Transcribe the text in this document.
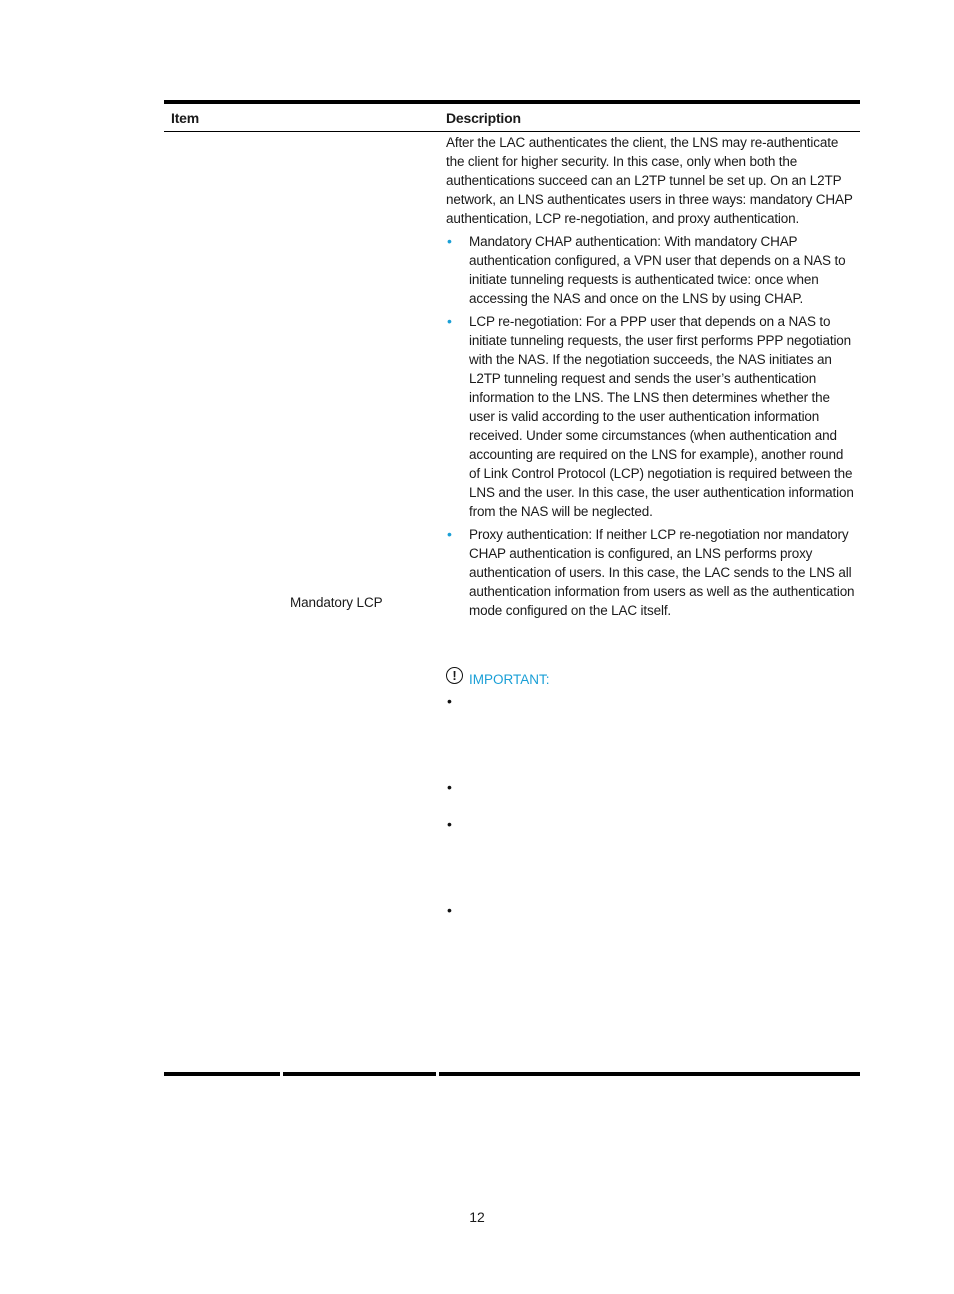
Item	Description
Mandatory LCP

After the LAC authenticates the client, the LNS may re-authenticate the client for higher security. In this case, only when both the authentications succeed can an L2TP tunnel be set up. On an L2TP network, an LNS authenticates users in three ways: mandatory CHAP authentication, LCP re-negotiation, and proxy authentication.

• Mandatory CHAP authentication: With mandatory CHAP authentication configured, a VPN user that depends on a NAS to initiate tunneling requests is authenticated twice: once when accessing the NAS and once on the LNS by using CHAP.
• LCP re-negotiation: For a PPP user that depends on a NAS to initiate tunneling requests, the user first performs PPP negotiation with the NAS. If the negotiation succeeds, the NAS initiates an L2TP tunneling request and sends the user’s authentication information to the LNS. The LNS then determines whether the user is valid according to the user authentication information received. Under some circumstances (when authentication and accounting are required on the LNS for example), another round of Link Control Protocol (LCP) negotiation is required between the LNS and the user. In this case, the user authentication information from the NAS will be neglected.
• Proxy authentication: If neither LCP re-negotiation nor mandatory CHAP authentication is configured, an LNS performs proxy authentication of users. In this case, the LAC sends to the LNS all authentication information from users as well as the authentication mode configured on the LAC itself.
! IMPORTANT:
•
•
•
•
12
